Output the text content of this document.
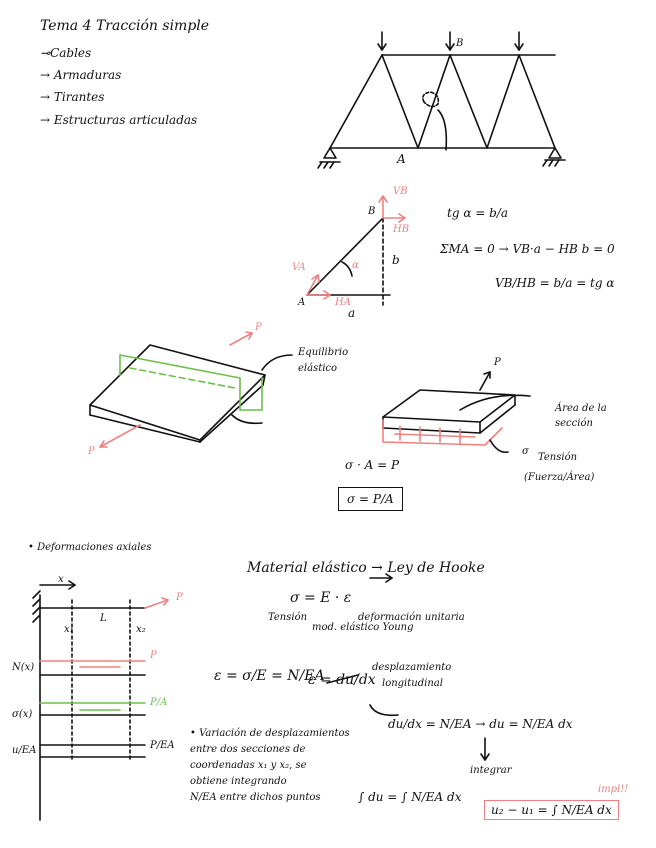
Tema 4 Tracción simple
⊸Cables
→ Armaduras
→ Tirantes
→ Estructuras articuladas
A
B
B
A
VB
HB
VA
HA
α	b
a
tg α = b/a
ΣMA = 0 → VB·a − HB b = 0
VB/HB = b/a = tg α
P
P
Equilibrio
elástico
P
Área de la
sección
σ
Tensión
(Fuerza/Área)
σ · A = P
σ = P/A
• Deformaciones axiales
Material elástico → Ley de Hooke
σ = E · ε
Tensión
mod. elástico Young
deformación unitaria
ε = σ/E = N/EA
ε = du/dx
desplazamiento
longitudinal
du/dx = N/EA → du = N/EA dx
integrar
• Variación de desplazamientos
entre dos secciones de
coordenadas x₁ y x₂, se
obtiene integrando
N/EA entre dichos puntos	∫ du = ∫ N/EA dx
u₂ − u₁ = ∫ N/EA dx
impl!!
x
L
x₁	x₂
P
N(x)
σ(x)
u/EA
P
P/A
P/EA
